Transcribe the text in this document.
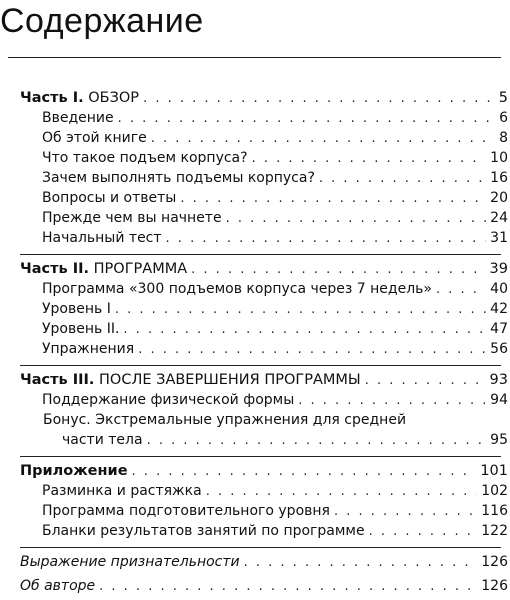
Содержание
Часть I. ОБЗОР . . .	5
Введение . . .	6
Об этой книге . . .	8
Что такое подъем корпуса? . . .	10
Зачем выполнять подъемы корпуса? . . .	16
Вопросы и ответы . . .	20
Прежде чем вы начнете . . .	24
Начальный тест . . .	31
Часть II. ПРОГРАММА . . .	39
Программа «300 подъемов корпуса через 7 недель» . . .	40
Уровень I . . .	42
Уровень II. . . .	47
Упражнения . . .	56
Часть III. ПОСЛЕ ЗАВЕРШЕНИЯ ПРОГРАММЫ . . .	93
Поддержание физической формы . . .	94
Бонус. Экстремальные упражнения для средней
части тела . . .	95
Приложение . . .	101
Разминка и растяжка . . .	102
Программа подготовительного уровня . . .	116
Бланки результатов занятий по программе . . .	122
Выражение признательности . . .	126
Об авторе . . .	126
